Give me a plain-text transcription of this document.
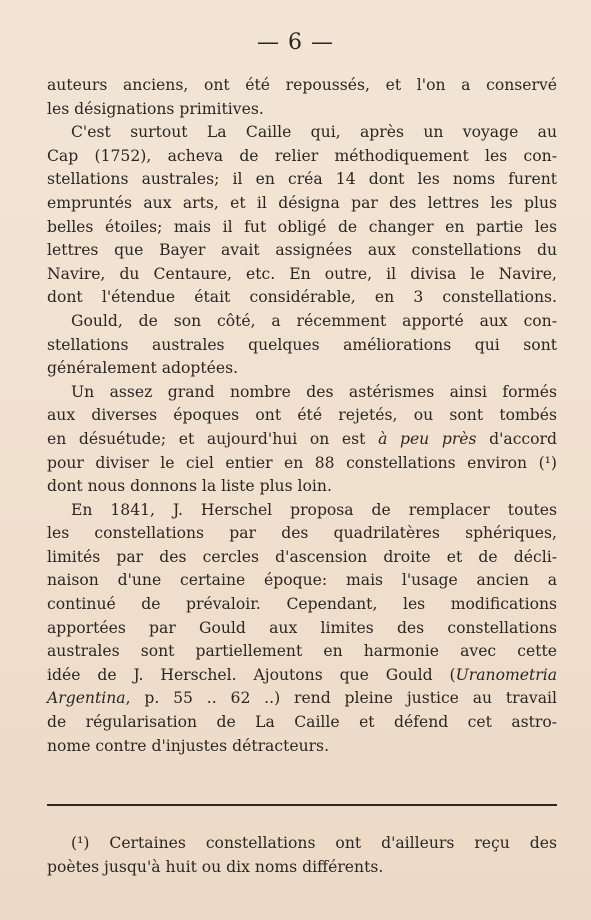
— 6 —
auteurs anciens, ont été repoussés, et l'on a conservé
les désignations primitives.
C'est surtout La Caille qui, après un voyage au
Cap (1752), acheva de relier méthodiquement les con-
stellations australes; il en créa 14 dont les noms furent
empruntés aux arts, et il désigna par des lettres les plus
belles étoiles; mais il fut obligé de changer en partie les
lettres que Bayer avait assignées aux constellations du
Navire, du Centaure, etc. En outre, il divisa le Navire,
dont l'étendue était considérable, en 3 constellations.
Gould, de son côté, a récemment apporté aux con-
stellations australes quelques améliorations qui sont
généralement adoptées.
Un assez grand nombre des astérismes ainsi formés
aux diverses époques ont été rejetés, ou sont tombés
en désuétude; et aujourd'hui on est à peu près d'accord
pour diviser le ciel entier en 88 constellations environ (¹)
dont nous donnons la liste plus loin.
En 1841, J. Herschel proposa de remplacer toutes
les constellations par des quadrilatères sphériques,
limités par des cercles d'ascension droite et de décli-
naison d'une certaine époque: mais l'usage ancien a
continué de prévaloir. Cependant, les modifications
apportées par Gould aux limites des constellations
australes sont partiellement en harmonie avec cette
idée de J. Herschel. Ajoutons que Gould (Uranometria
Argentina, p. 55 .. 62 ..) rend pleine justice au travail
de régularisation de La Caille et défend cet astro-
nome contre d'injustes détracteurs.
(¹) Certaines constellations ont d'ailleurs reçu des
poètes jusqu'à huit ou dix noms différents.
